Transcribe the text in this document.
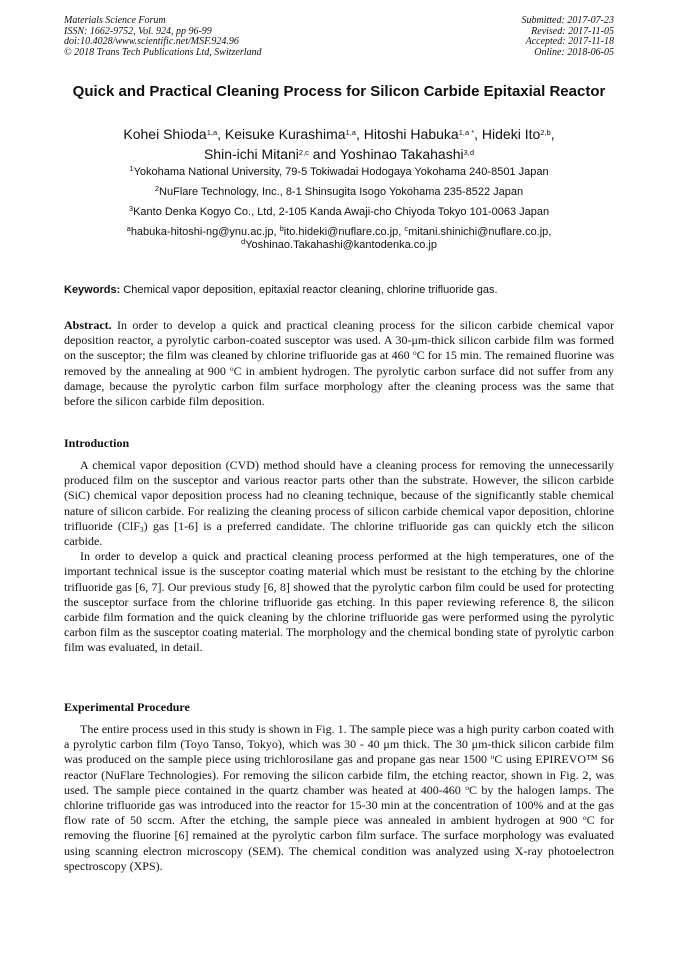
Materials Science Forum
ISSN: 1662-9752, Vol. 924, pp 96-99
doi:10.4028/www.scientific.net/MSF.924.96
© 2018 Trans Tech Publications Ltd, Switzerland
Submitted: 2017-07-23
Revised: 2017-11-05
Accepted: 2017-11-18
Online: 2018-06-05
Quick and Practical Cleaning Process for Silicon Carbide Epitaxial Reactor
Kohei Shioda$^{1,a}$, Keisuke Kurashima$^{1,a}$, Hitoshi Habuka$^{1,a *}$, Hideki Ito$^{2,b}$,
Shin-ichi Mitani$^{2,c}$ and Yoshinao Takahashi$^{3,d}$
$^1$Yokohama National University, 79-5 Tokiwadai Hodogaya Yokohama 240-8501 Japan
$^2$NuFlare Technology, Inc., 8-1 Shinsugita Isogo Yokohama 235-8522 Japan
$^3$Kanto Denka Kogyo Co., Ltd, 2-105 Kanda Awaji-cho Chiyoda Tokyo 101-0063 Japan
$^a$habuka-hitoshi-ng@ynu.ac.jp, $^b$ito.hideki@nuflare.co.jp, $^c$mitani.shinichi@nuflare.co.jp,
$^d$Yoshinao.Takahashi@kantodenka.co.jp
Keywords: Chemical vapor deposition, epitaxial reactor cleaning, chlorine trifluoride gas.
Abstract. In order to develop a quick and practical cleaning process for the silicon carbide chemical vapor deposition reactor, a pyrolytic carbon-coated susceptor was used. A 30-μm-thick silicon carbide film was formed on the susceptor; the film was cleaned by chlorine trifluoride gas at 460 $^o$C for 15 min. The remained fluorine was removed by the annealing at 900 $^o$C in ambient hydrogen. The pyrolytic carbon surface did not suffer from any damage, because the pyrolytic carbon film surface morphology after the cleaning process was the same that before the silicon carbide film deposition.
Introduction

A chemical vapor deposition (CVD) method should have a cleaning process for removing the unnecessarily produced film on the susceptor and various reactor parts other than the substrate. However, the silicon carbide (SiC) chemical vapor deposition process had no cleaning technique, because of the significantly stable chemical nature of silicon carbide. For realizing the cleaning process of silicon carbide chemical vapor deposition, chlorine trifluoride (ClF$_3$) gas [1-6] is a preferred candidate. The chlorine trifluoride gas can quickly etch the silicon carbide.

In order to develop a quick and practical cleaning process performed at the high temperatures, one of the important technical issue is the susceptor coating material which must be resistant to the etching by the chlorine trifluoride gas [6, 7]. Our previous study [6, 8] showed that the pyrolytic carbon film could be used for protecting the susceptor surface from the chlorine trifluoride gas etching. In this paper reviewing reference 8, the silicon carbide film formation and the quick cleaning by the chlorine trifluoride gas were performed using the pyrolytic carbon film as the susceptor coating material. The morphology and the chemical bonding state of pyrolytic carbon film was evaluated, in detail.

Experimental Procedure

The entire process used in this study is shown in Fig. 1. The sample piece was a high purity carbon coated with a pyrolytic carbon film (Toyo Tanso, Tokyo), which was 30 - 40 μm thick. The 30 μm-thick silicon carbide film was produced on the sample piece using trichlorosilane gas and propane gas near 1500 $^o$C using EPIREVO™ S6 reactor (NuFlare Technologies). For removing the silicon carbide film, the etching reactor, shown in Fig. 2, was used. The sample piece contained in the quartz chamber was heated at 400-460 $^o$C by the halogen lamps. The chlorine trifluoride gas was introduced into the reactor for 15-30 min at the concentration of 100% and at the gas flow rate of 50 sccm. After the etching, the sample piece was annealed in ambient hydrogen at 900 $^o$C for removing the fluorine [6] remained at the pyrolytic carbon film surface. The surface morphology was evaluated using scanning electron microscopy (SEM). The chemical condition was analyzed using X-ray photoelectron spectroscopy (XPS).
